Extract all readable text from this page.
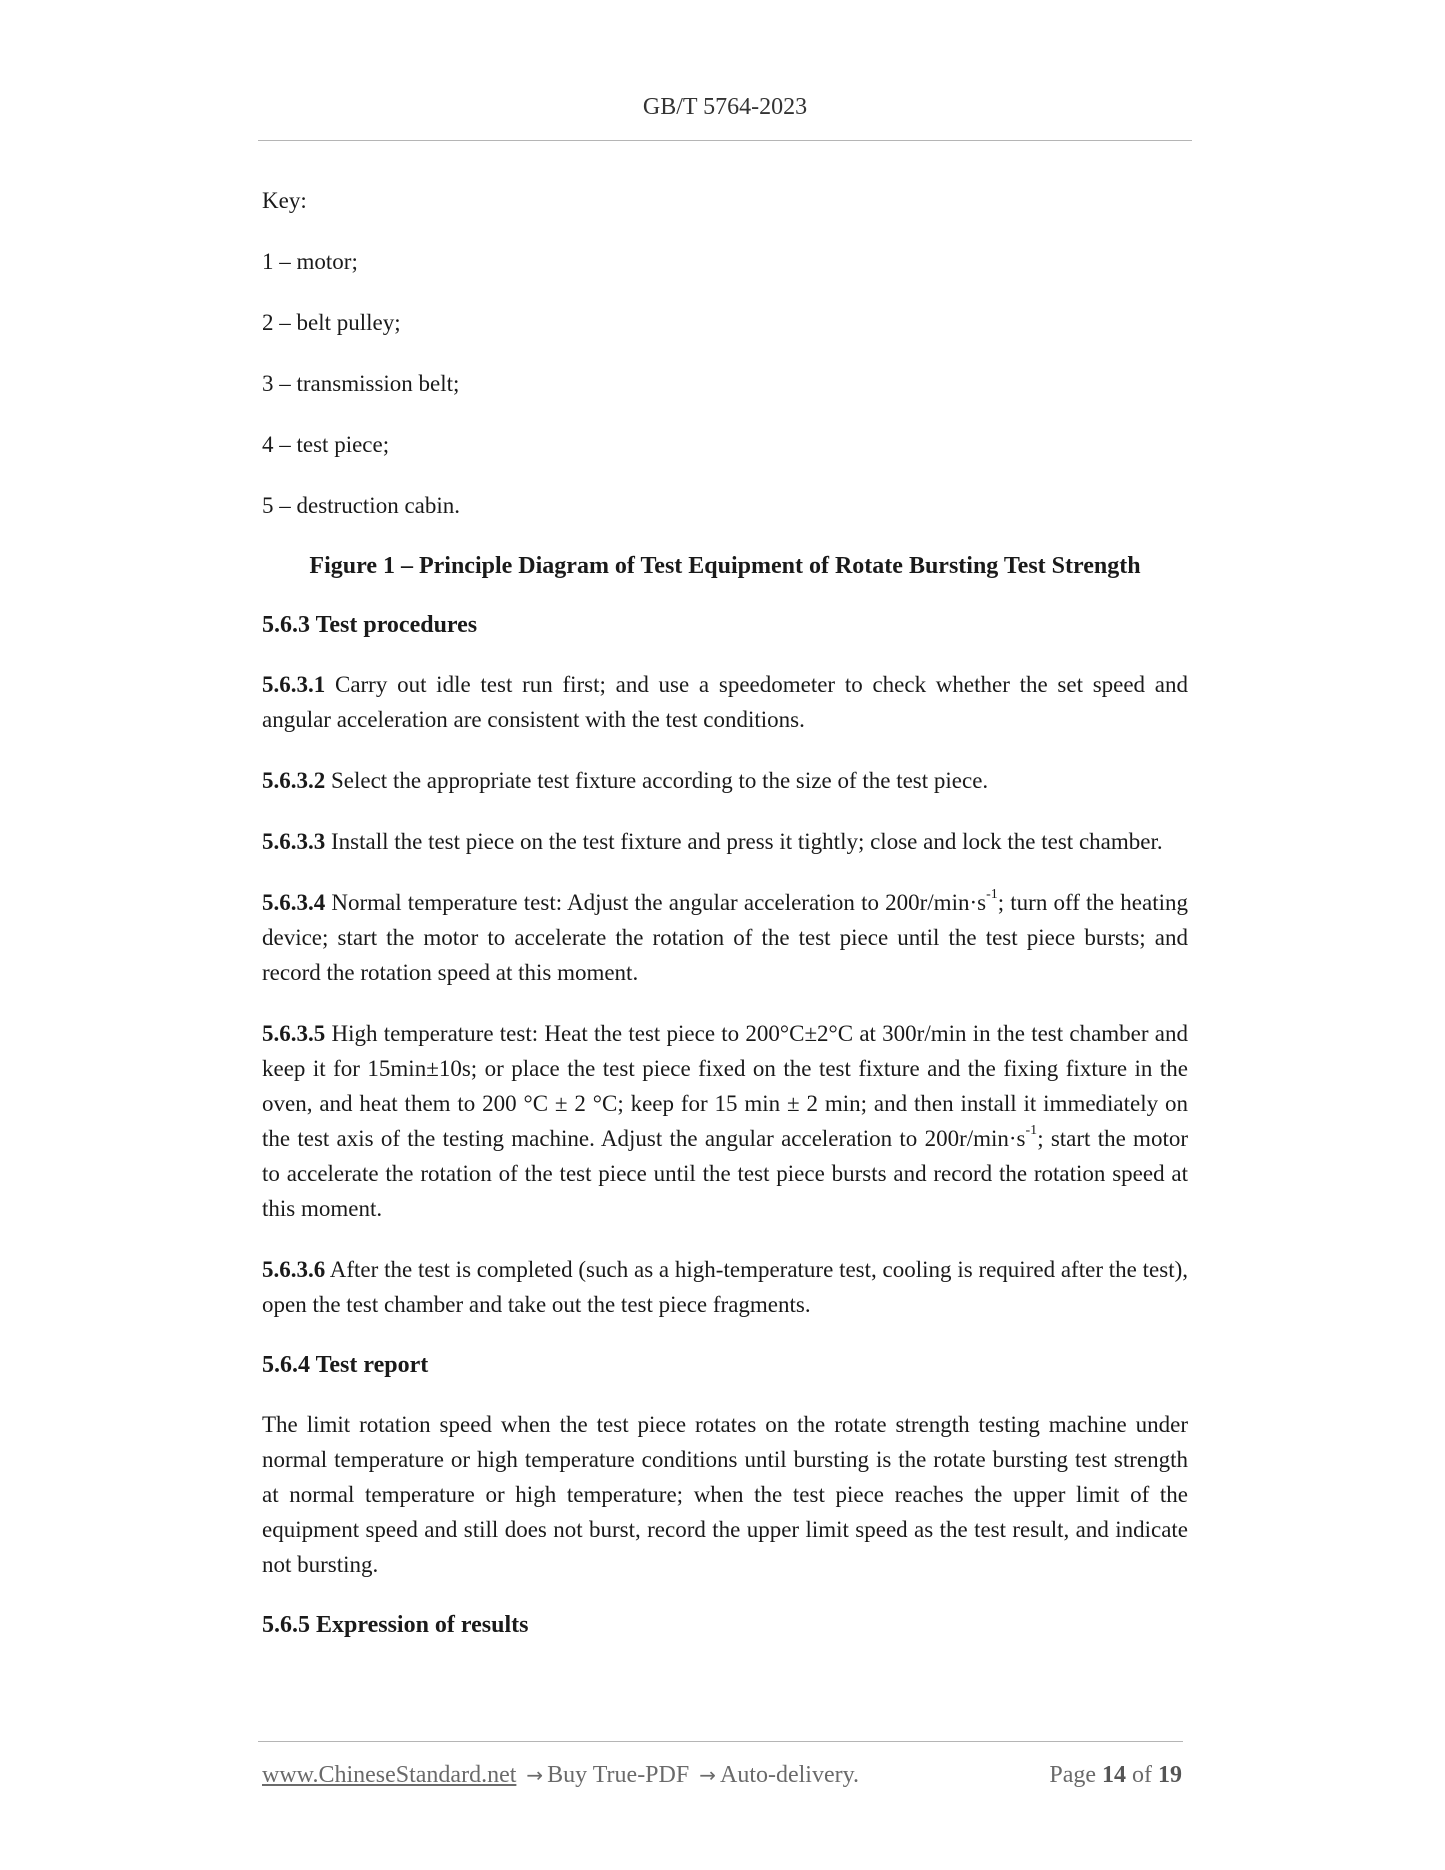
GB/T 5764-2023
Key:
1 – motor;
2 – belt pulley;
3 – transmission belt;
4 – test piece;
5 – destruction cabin.
Figure 1 – Principle Diagram of Test Equipment of Rotate Bursting Test Strength
5.6.3 Test procedures

5.6.3.1 Carry out idle test run first; and use a speedometer to check whether the set speed and angular acceleration are consistent with the test conditions.

5.6.3.2 Select the appropriate test fixture according to the size of the test piece.

5.6.3.3 Install the test piece on the test fixture and press it tightly; close and lock the test chamber.

5.6.3.4 Normal temperature test: Adjust the angular acceleration to $200r/\min\cdot s^{-1}$; turn off the heating device; start the motor to accelerate the rotation of the test piece until the test piece bursts; and record the rotation speed at this moment.

5.6.3.5 High temperature test: Heat the test piece to 200°C±2°C at 300r/min in the test chamber and keep it for 15min±10s; or place the test piece fixed on the test fixture and the fixing fixture in the oven, and heat them to 200 °C ± 2 °C; keep for 15 min ± 2 min; and then install it immediately on the test axis of the testing machine. Adjust the angular acceleration to $200r/\min\cdot s^{-1}$; start the motor to accelerate the rotation of the test piece until the test piece bursts and record the rotation speed at this moment.

5.6.3.6 After the test is completed (such as a high-temperature test, cooling is required after the test), open the test chamber and take out the test piece fragments.

5.6.4 Test report

The limit rotation speed when the test piece rotates on the rotate strength testing machine under normal temperature or high temperature conditions until bursting is the rotate bursting test strength at normal temperature or high temperature; when the test piece reaches the upper limit of the equipment speed and still does not burst, record the upper limit speed as the test result, and indicate not bursting.

5.6.5 Expression of results
www.ChineseStandard.net → Buy True-PDF → Auto-delivery.	Page 14 of 19
